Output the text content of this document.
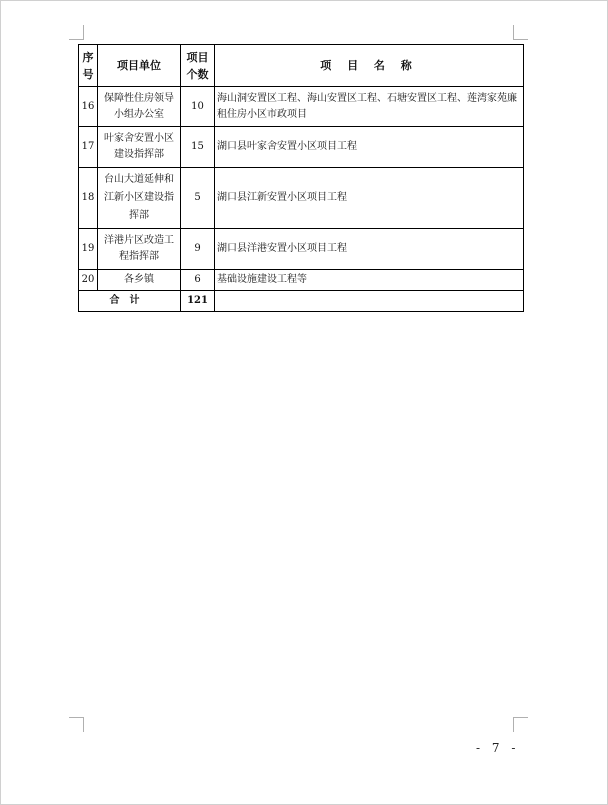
序号	项目单位	项目个数	项 目 名 称
16	保障性住房领导小组办公室	10	海山洞安置区工程、海山安置区工程、石塘安置区工程、莲湾家苑廉租住房小区市政项目
17	叶家舍安置小区建设指挥部	15	湖口县叶家舍安置小区项目工程
18	台山大道延伸和江新小区建设指挥部	5	湖口县江新安置小区项目工程
19	洋港片区改造工程指挥部	9	湖口县洋港安置小区项目工程
20	各乡镇	6	基础设施建设工程等
合计		121	
- 7 -
